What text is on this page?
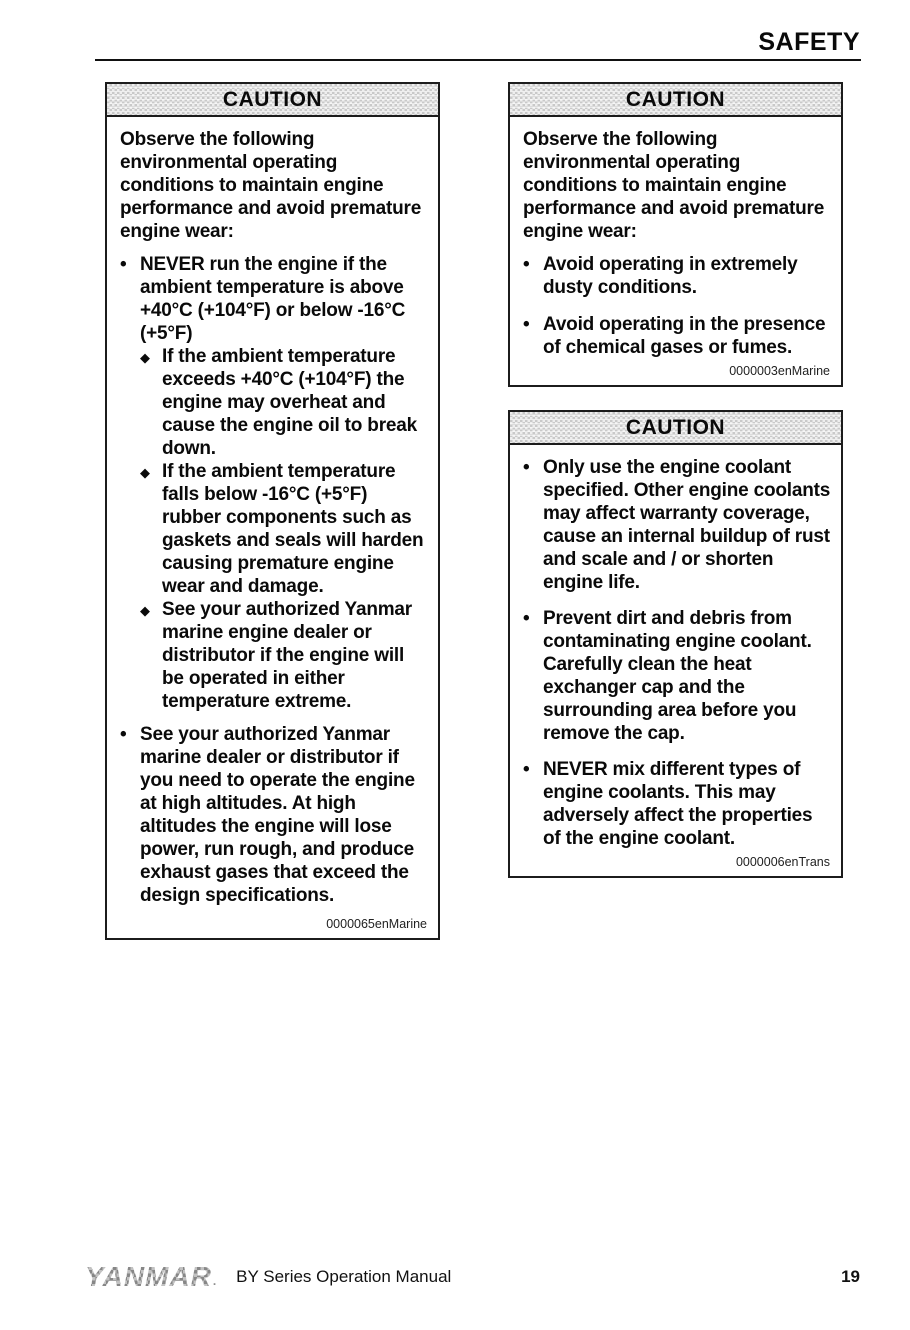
SAFETY
CAUTION
Observe the following environmental operating conditions to maintain engine performance and avoid premature engine wear:
• NEVER run the engine if the ambient temperature is above +40°C (+104°F) or below -16°C (+5°F)
◆ If the ambient temperature exceeds +40°C (+104°F) the engine may overheat and cause the engine oil to break down.
◆ If the ambient temperature falls below -16°C (+5°F) rubber components such as gaskets and seals will harden causing premature engine wear and damage.
◆ See your authorized Yanmar marine engine dealer or distributor if the engine will be operated in either temperature extreme.
• See your authorized Yanmar marine dealer or distributor if you need to operate the engine at high altitudes. At high altitudes the engine will lose power, run rough, and produce exhaust gases that exceed the design specifications.
0000065enMarine
CAUTION
Observe the following environmental operating conditions to maintain engine performance and avoid premature engine wear:
• Avoid operating in extremely dusty conditions.
• Avoid operating in the presence of chemical gases or fumes.
0000003enMarine
CAUTION
• Only use the engine coolant specified. Other engine coolants may affect warranty coverage, cause an internal buildup of rust and scale and / or shorten engine life.
• Prevent dirt and debris from contaminating engine coolant. Carefully clean the heat exchanger cap and the surrounding area before you remove the cap.
• NEVER mix different types of engine coolants. This may adversely affect the properties of the engine coolant.
0000006enTrans
YANMAR . BY Series Operation Manual	19
